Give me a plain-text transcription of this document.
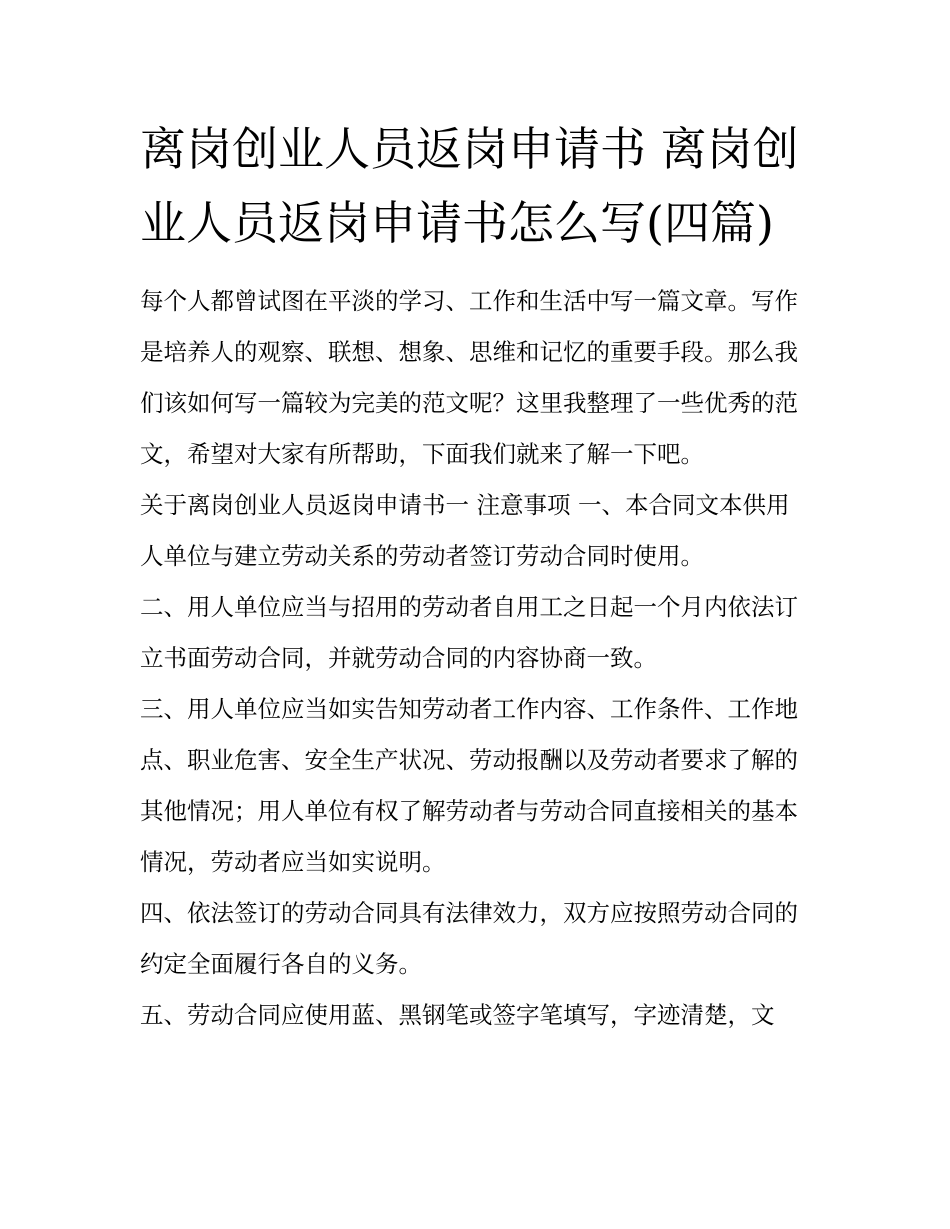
离岗创业人员返岗申请书 离岗创业人员返岗申请书怎么写(四篇)

每个人都曾试图在平淡的学习、工作和生活中写一篇文章。写作是培养人的观察、联想、想象、思维和记忆的重要手段。那么我们该如何写一篇较为完美的范文呢？这里我整理了一些优秀的范文，希望对大家有所帮助，下面我们就来了解一下吧。

关于离岗创业人员返岗申请书一 注意事项 一、本合同文本供用人单位与建立劳动关系的劳动者签订劳动合同时使用。

二、用人单位应当与招用的劳动者自用工之日起一个月内依法订立书面劳动合同，并就劳动合同的内容协商一致。

三、用人单位应当如实告知劳动者工作内容、工作条件、工作地点、职业危害、安全生产状况、劳动报酬以及劳动者要求了解的其他情况；用人单位有权了解劳动者与劳动合同直接相关的基本情况，劳动者应当如实说明。

四、依法签订的劳动合同具有法律效力，双方应按照劳动合同的约定全面履行各自的义务。

五、劳动合同应使用蓝、黑钢笔或签字笔填写，字迹清楚，文
